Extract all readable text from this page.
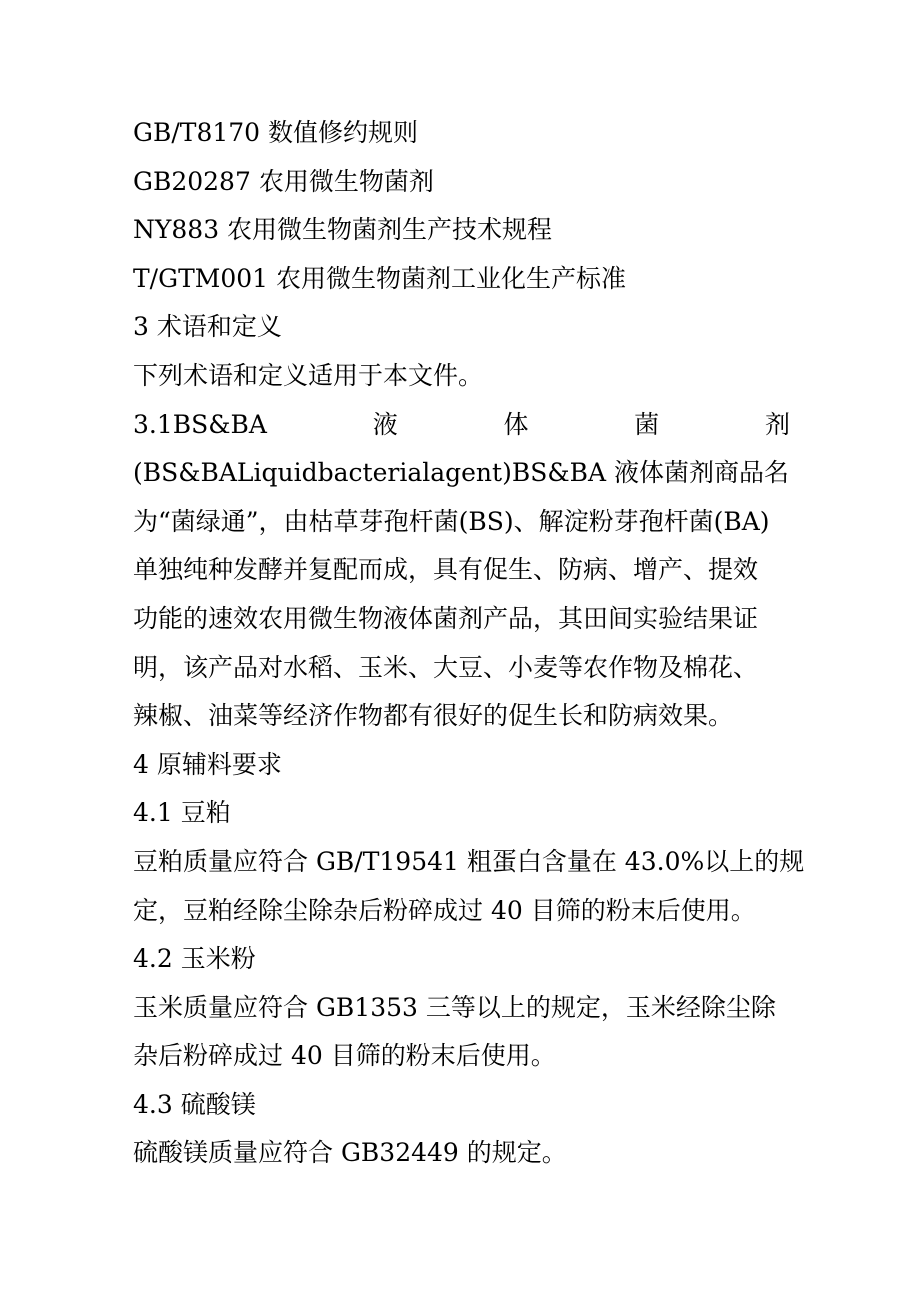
GB/T8170 数值修约规则
GB20287 农用微生物菌剂
NY883 农用微生物菌剂生产技术规程
T/GTM001 农用微生物菌剂工业化生产标准
3 术语和定义
下列术语和定义适用于本文件。
3.1BS&BA	液	体	菌	剂
(BS&BALiquidbacterialagent)BS&BA 液体菌剂商品名
为“菌绿通”，由枯草芽孢杆菌(BS)、解淀粉芽孢杆菌(BA)
单独纯种发酵并复配而成，具有促生、防病、增产、提效
功能的速效农用微生物液体菌剂产品，其田间实验结果证
明，该产品对水稻、玉米、大豆、小麦等农作物及棉花、
辣椒、油菜等经济作物都有很好的促生长和防病效果。
4 原辅料要求
4.1 豆粕
豆粕质量应符合 GB/T19541 粗蛋白含量在 43.0%以上的规
定，豆粕经除尘除杂后粉碎成过 40 目筛的粉末后使用。
4.2 玉米粉
玉米质量应符合 GB1353 三等以上的规定，玉米经除尘除
杂后粉碎成过 40 目筛的粉末后使用。
4.3 硫酸镁
硫酸镁质量应符合 GB32449 的规定。
